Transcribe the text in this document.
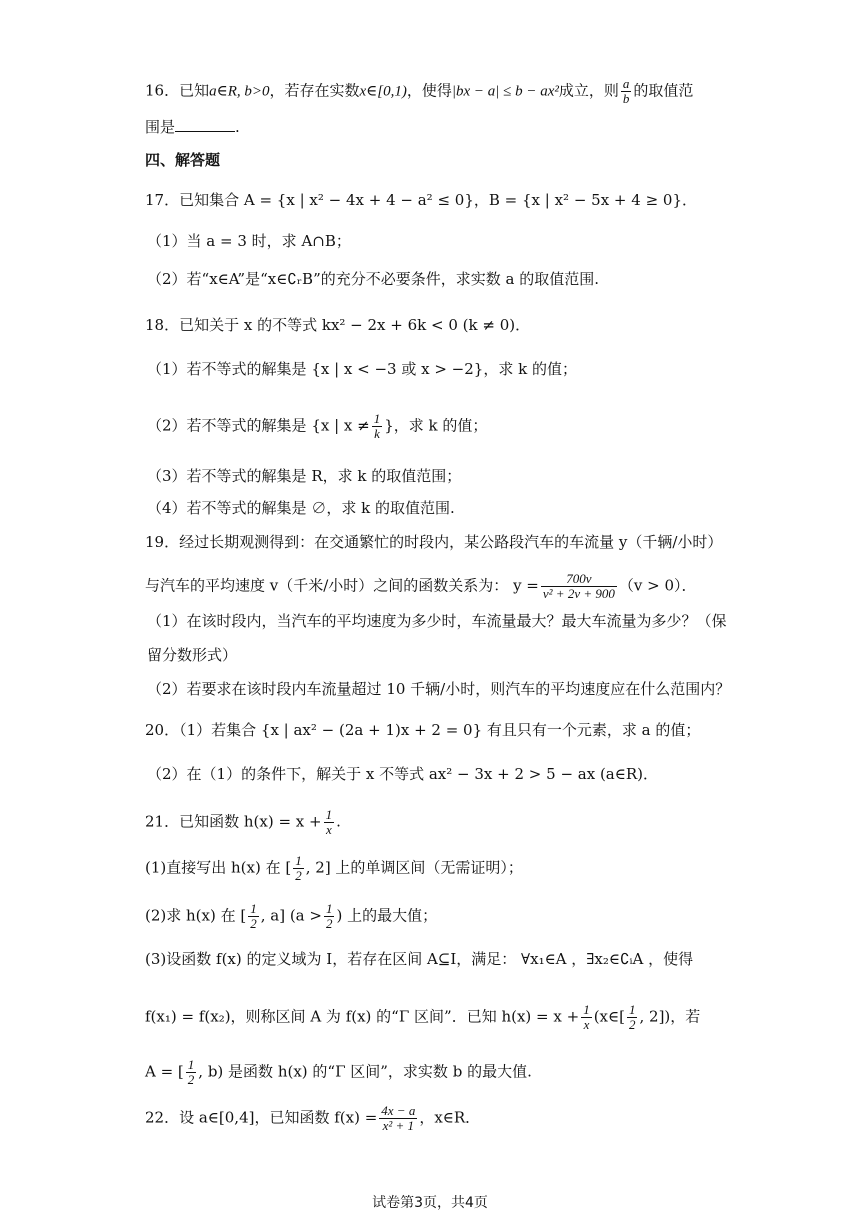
16．已知a∈R, b>0，若存在实数x∈[0,1)，使得|bx − a| ≤ b − ax²成立，则 $\frac{a}{b}$ 的取值范
围是	.
四、解答题
17．已知集合 A = {x | x² − 4x + 4 − a² ≤ 0}，B = {x | x² − 5x + 4 ≥ 0}．
（1）当 a = 3 时，求 A∩B；
（2）若“x∈A”是“x∈∁ᵣB”的充分不必要条件，求实数 a 的取值范围.
18．已知关于 x 的不等式 kx² − 2x + 6k < 0 (k ≠ 0)．
（1）若不等式的解集是 {x | x < −3 或 x > −2}，求 k 的值；
（2）若不等式的解集是 {x | $x \ne \frac{1}{k}$ }，求 k 的值；
（3）若不等式的解集是 R，求 k 的取值范围；
（4）若不等式的解集是 ∅，求 k 的取值范围.
19．经过长期观测得到：在交通繁忙的时段内，某公路段汽车的车流量 y（千辆/小时）
与汽车的平均速度 v（千米/小时）之间的函数关系为： $y = \frac{700v}{\text{v² + 2v + 900}} (v > 0)$．
（1）在该时段内，当汽车的平均速度为多少时，车流量最大？最大车流量为多少？（保
留分数形式）
（2）若要求在该时段内车流量超过 10 千辆/小时，则汽车的平均速度应在什么范围内？
20．（1）若集合 {x | ax² − (2a + 1)x + 2 = 0} 有且只有一个元素，求 a 的值；
（2）在（1）的条件下，解关于 x 不等式 ax² − 3x + 2 > 5 − ax (a∈R)．
21．已知函数 $h(x) = x + \frac{1}{x}$ .
(1)直接写出 h(x) 在 [ $\frac{1}{2}$ , 2] 上的单调区间（无需证明）；
(2)求 h(x) 在 [ $\frac{1}{2}$ , a] ($a > \frac{1}{2}$ ) 上的最大值；
(3)设函数 f(x) 的定义域为 I，若存在区间 A⊆I，满足： ∀x₁∈A ，∃x₂∈∁ᵢA ，使得
f(x₁) = f(x₂)，则称区间 A 为 f(x) 的“Γ 区间”．已知 $h(x) = x + \frac{1}{x}$ (x∈[ $\frac{1}{2}$ , 2])，若
A = [ $\frac{1}{2}$ , b) 是函数 h(x) 的“Γ 区间”，求实数 b 的最大值.
22．设 a∈[0,4]，已知函数 $f(x) = \frac{4x - a}{\text{x² + 1}}$ ，x∈R．
试卷第3页，共4页
